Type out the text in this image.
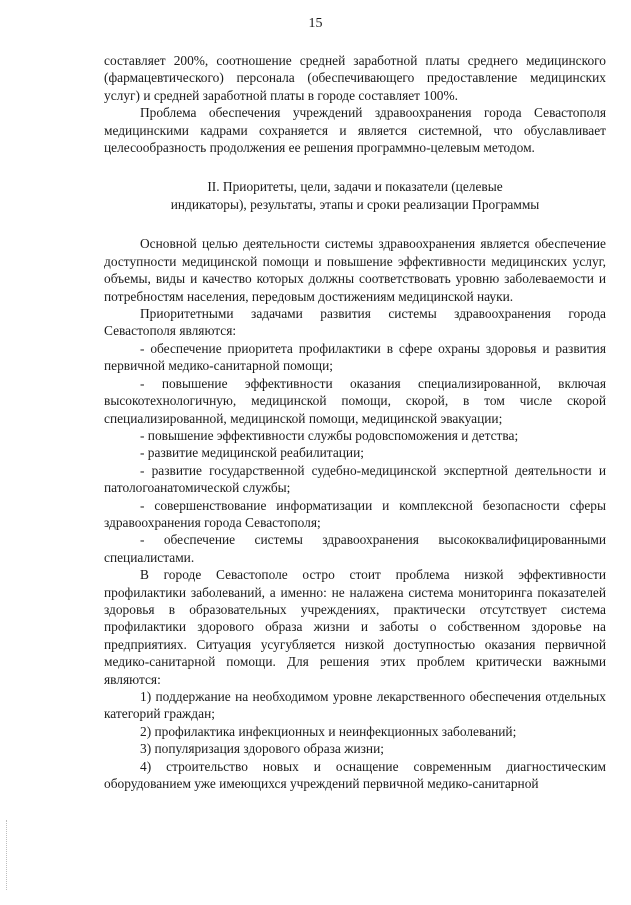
15

составляет 200%, соотношение средней заработной платы среднего медицинского (фармацевтического) персонала (обеспечивающего предоставление медицинских услуг) и средней заработной платы в городе составляет 100%.

Проблема обеспечения учреждений здравоохранения города Севастополя медицинскими кадрами сохраняется и является системной, что обуславливает целесообразность продолжения ее решения программно-целевым методом.

II. Приоритеты, цели, задачи и показатели (целевые
индикаторы), результаты, этапы и сроки реализации Программы

Основной целью деятельности системы здравоохранения является обеспечение доступности медицинской помощи и повышение эффективности медицинских услуг, объемы, виды и качество которых должны соответствовать уровню заболеваемости и потребностям населения, передовым достижениям медицинской науки.

Приоритетными задачами развития системы здравоохранения города Севастополя являются:

- обеспечение приоритета профилактики в сфере охраны здоровья и развития первичной медико-санитарной помощи;

- повышение эффективности оказания специализированной, включая высокотехнологичную, медицинской помощи, скорой, в том числе скорой специализированной, медицинской помощи, медицинской эвакуации;

- повышение эффективности службы родовспоможения и детства;

- развитие медицинской реабилитации;

- развитие государственной судебно-медицинской экспертной деятельности и патологоанатомической службы;

- совершенствование информатизации и комплексной безопасности сферы здравоохранения города Севастополя;

- обеспечение системы здравоохранения высококвалифицированными специалистами.

В городе Севастополе остро стоит проблема низкой эффективности профилактики заболеваний, а именно: не налажена система мониторинга показателей здоровья в образовательных учреждениях, практически отсутствует система профилактики здорового образа жизни и заботы о собственном здоровье на предприятиях. Ситуация усугубляется низкой доступностью оказания первичной медико-санитарной помощи. Для решения этих проблем критически важными являются:

1) поддержание на необходимом уровне лекарственного обеспечения отдельных категорий граждан;

2) профилактика инфекционных и неинфекционных заболеваний;

3) популяризация здорового образа жизни;

4) строительство новых и оснащение современным диагностическим оборудованием уже имеющихся учреждений первичной медико-санитарной
